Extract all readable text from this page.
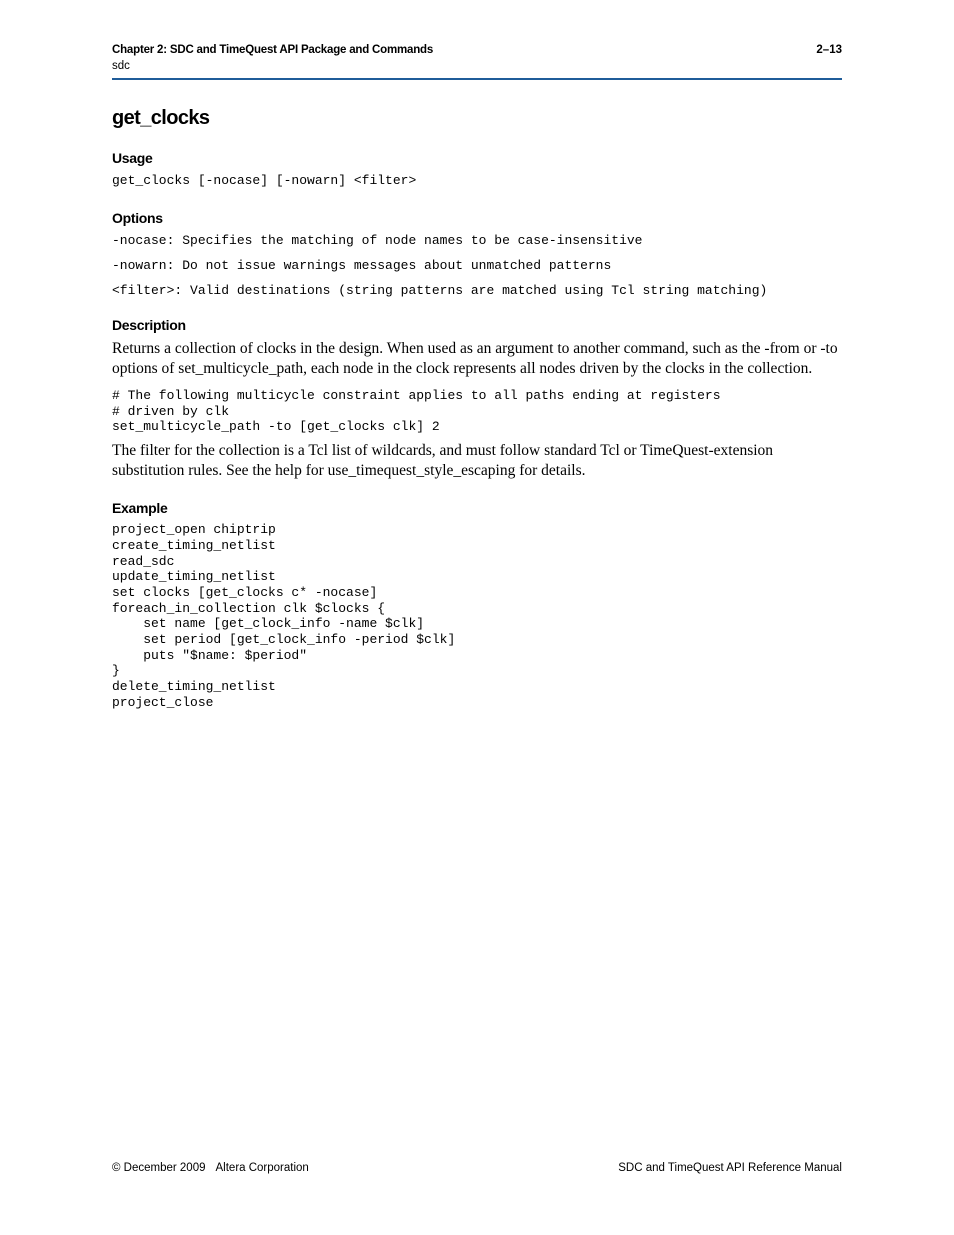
Chapter 2: SDC and TimeQuest API Package and Commands	2–13
sdc
get_clocks
Usage

get_clocks [-nocase] [-nowarn] <filter>

Options

-nocase: Specifies the matching of node names to be case-insensitive

-nowarn: Do not issue warnings messages about unmatched patterns

<filter>: Valid destinations (string patterns are matched using Tcl string matching)

Description

Returns a collection of clocks in the design. When used as an argument to another command, such as the -from or -to options of set_multicycle_path, each node in the clock represents all nodes driven by the clocks in the collection.

# The following multicycle constraint applies to all paths ending at registers
# driven by clk
set_multicycle_path -to [get_clocks clk] 2

The filter for the collection is a Tcl list of wildcards, and must follow standard Tcl or TimeQuest-extension substitution rules. See the help for use_timequest_style_escaping for details.

Example
project_open chiptrip
create_timing_netlist
read_sdc
update_timing_netlist
set clocks [get_clocks c* -nocase]
foreach_in_collection clk $clocks {
set name [get_clock_info -name $clk]
set period [get_clock_info -period $clk]
puts "$name: $period"
}
delete_timing_netlist
project_close
© December 2009 Altera Corporation	SDC and TimeQuest API Reference Manual
